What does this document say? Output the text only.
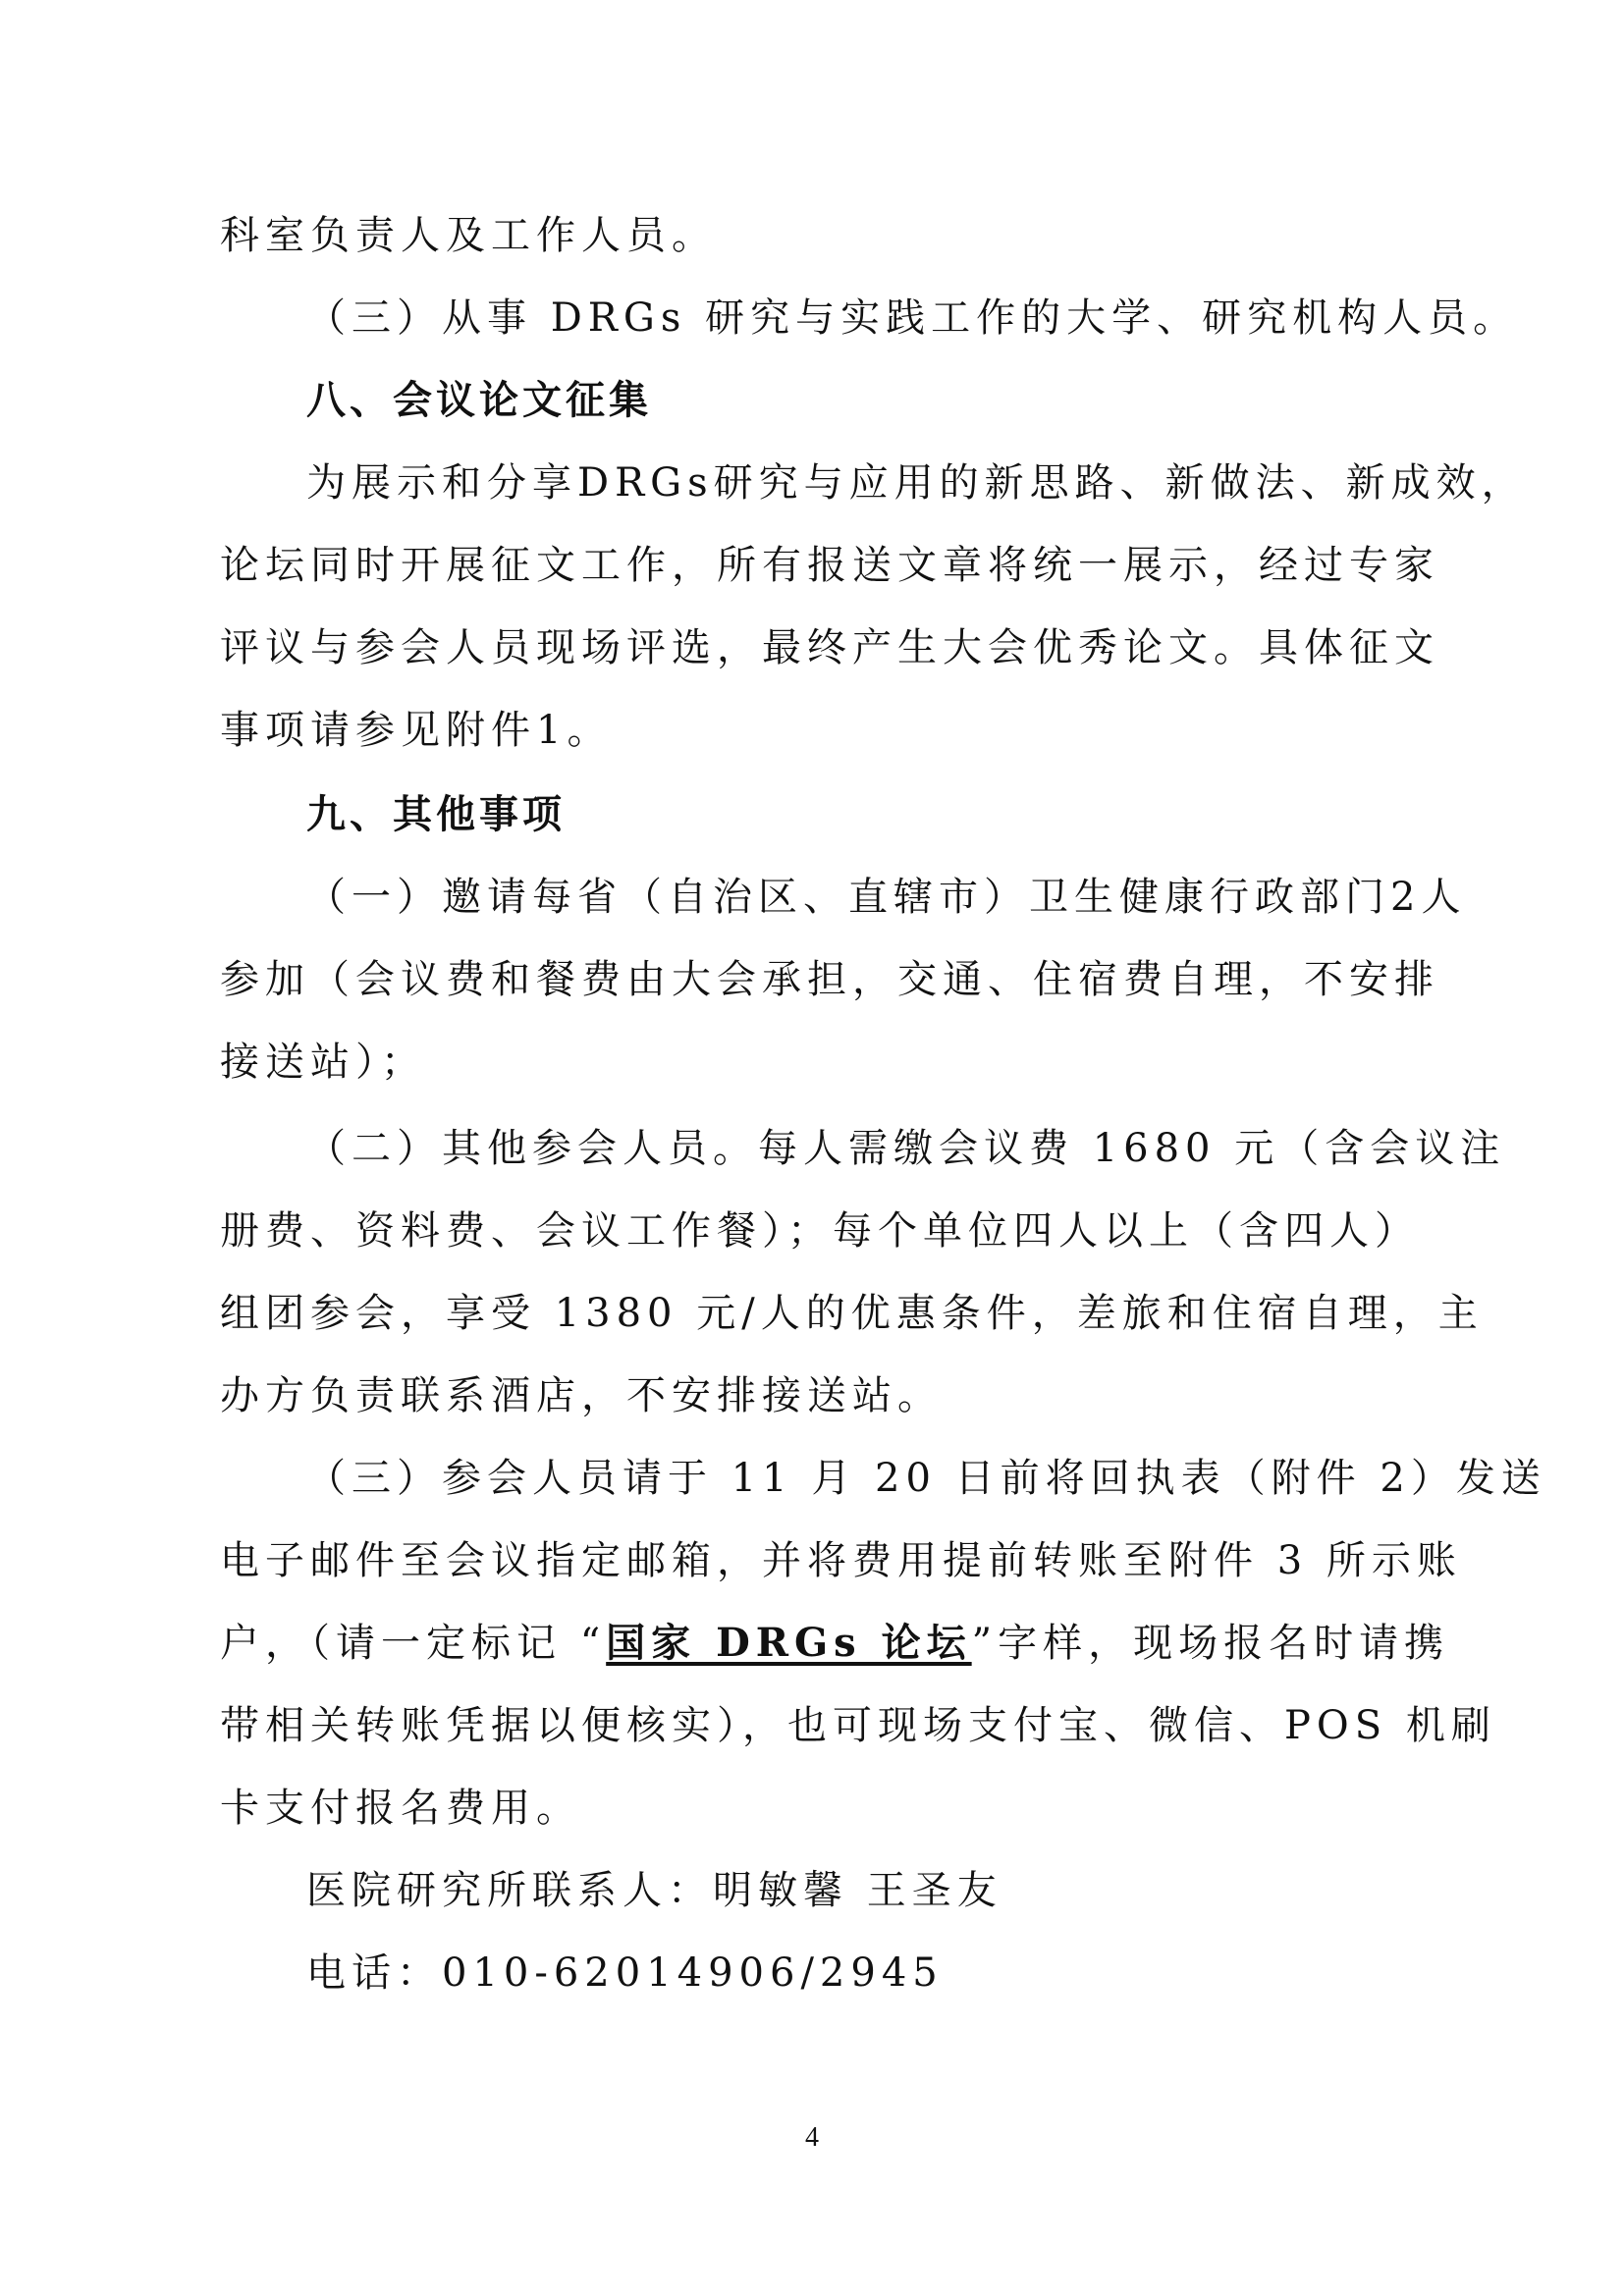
科室负责人及工作人员。
（三）从事 DRGs 研究与实践工作的大学、研究机构人员。
八、会议论文征集
为展示和分享DRGs研究与应用的新思路、新做法、新成效，
论坛同时开展征文工作，所有报送文章将统一展示，经过专家
评议与参会人员现场评选，最终产生大会优秀论文。具体征文
事项请参见附件1。
九、其他事项
（一）邀请每省（自治区、直辖市）卫生健康行政部门2人
参加（会议费和餐费由大会承担，交通、住宿费自理，不安排
接送站）；
（二）其他参会人员。每人需缴会议费 1680 元（含会议注
册费、资料费、会议工作餐）；每个单位四人以上（含四人）
组团参会，享受 1380 元/人的优惠条件，差旅和住宿自理，主
办方负责联系酒店，不安排接送站。
（三）参会人员请于 11 月 20 日前将回执表（附件 2）发送
电子邮件至会议指定邮箱，并将费用提前转账至附件 3 所示账
户，（请一定标记 “国家 DRGs 论坛”字样，现场报名时请携
带相关转账凭据以便核实），也可现场支付宝、微信、POS 机刷
卡支付报名费用。
医院研究所联系人：明敏馨 王圣友
电话：010-62014906/2945
4
